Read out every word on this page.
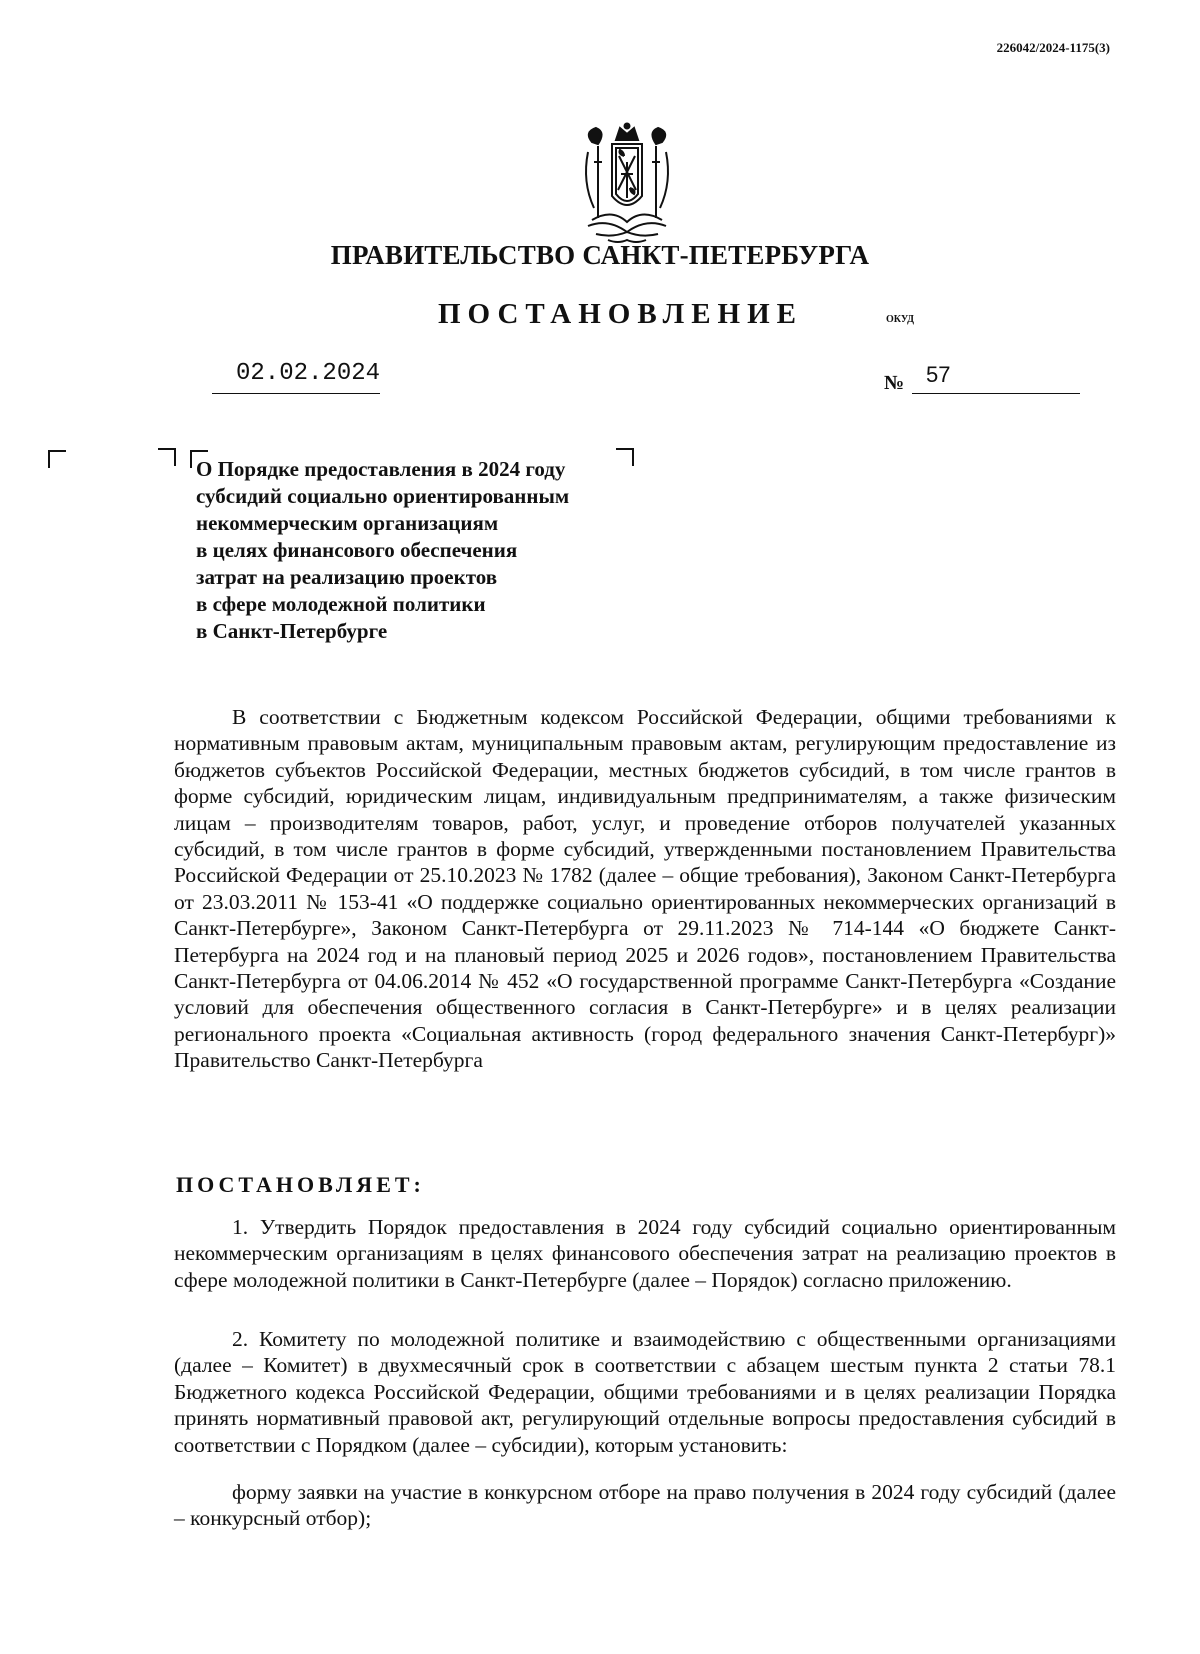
226042/2024-1175(3)
ПРАВИТЕЛЬСТВО САНКТ-ПЕТЕРБУРГА
ПОСТАНОВЛЕНИЕ	ОКУД
02.02.2024	№ 57
О Порядке предоставления в 2024 году
субсидий социально ориентированным
некоммерческим организациям
в целях финансового обеспечения
затрат на реализацию проектов
в сфере молодежной политики
в Санкт-Петербурге
В соответствии с Бюджетным кодексом Российской Федерации, общими требованиями к нормативным правовым актам, муниципальным правовым актам, регулирующим предоставление из бюджетов субъектов Российской Федерации, местных бюджетов субсидий, в том числе грантов в форме субсидий, юридическим лицам, индивидуальным предпринимателям, а также физическим лицам – производителям товаров, работ, услуг, и проведение отборов получателей указанных субсидий, в том числе грантов в форме субсидий, утвержденными постановлением Правительства Российской Федерации от 25.10.2023 № 1782 (далее – общие требования), Законом Санкт-Петербурга от 23.03.2011 № 153-41 «О поддержке социально ориентированных некоммерческих организаций в Санкт-Петербурге», Законом Санкт-Петербурга от 29.11.2023 № 714-144 «О бюджете Санкт-Петербурга на 2024 год и на плановый период 2025 и 2026 годов», постановлением Правительства Санкт-Петербурга от 04.06.2014 № 452 «О государственной программе Санкт-Петербурга «Создание условий для обеспечения общественного согласия в Санкт-Петербурге» и в целях реализации регионального проекта «Социальная активность (город федерального значения Санкт-Петербург)» Правительство Санкт-Петербурга
ПОСТАНОВЛЯЕТ:
1. Утвердить Порядок предоставления в 2024 году субсидий социально ориентированным некоммерческим организациям в целях финансового обеспечения затрат на реализацию проектов в сфере молодежной политики в Санкт-Петербурге (далее – Порядок) согласно приложению.
2. Комитету по молодежной политике и взаимодействию с общественными организациями (далее – Комитет) в двухмесячный срок в соответствии с абзацем шестым пункта 2 статьи 78.1 Бюджетного кодекса Российской Федерации, общими требованиями и в целях реализации Порядка принять нормативный правовой акт, регулирующий отдельные вопросы предоставления субсидий в соответствии с Порядком (далее – субсидии), которым установить:
форму заявки на участие в конкурсном отборе на право получения в 2024 году субсидий (далее – конкурсный отбор);
